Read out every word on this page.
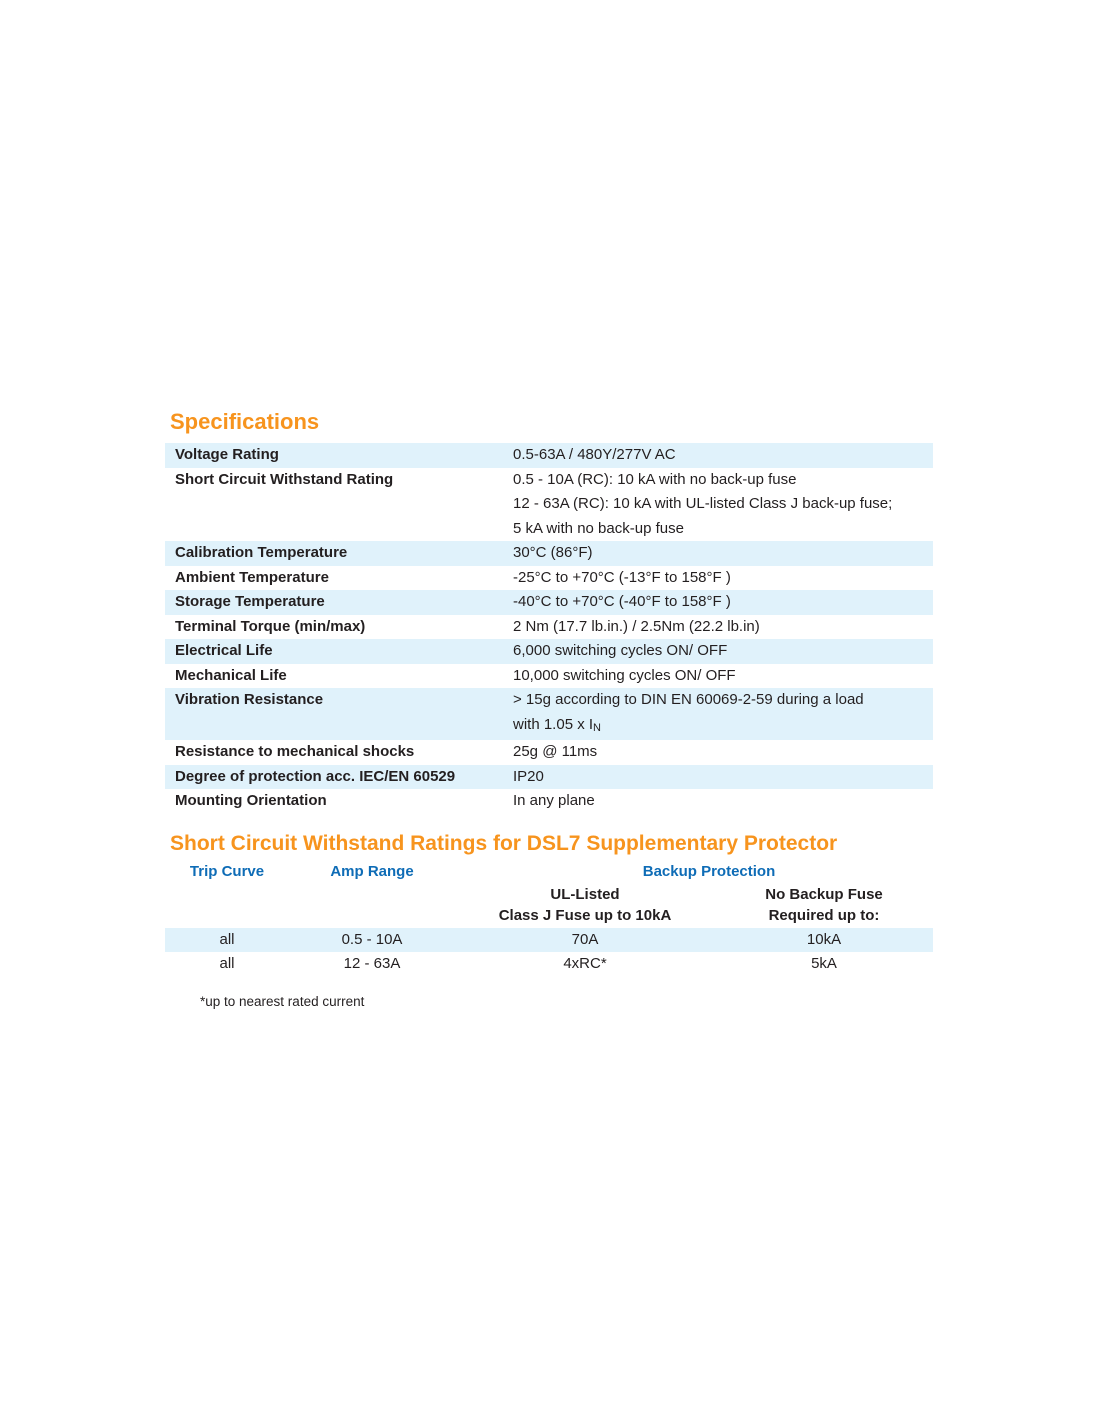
Specifications
Voltage Rating	0.5-63A / 480Y/277V AC
Short Circuit Withstand Rating	0.5 - 10A (RC): 10 kA with no back-up fuse
12 - 63A (RC): 10 kA with UL-listed Class J back-up fuse;
5 kA with no back-up fuse
Calibration Temperature	30°C (86°F)
Ambient Temperature	-25°C to +70°C (-13°F to 158°F )
Storage Temperature	-40°C to +70°C (-40°F to 158°F )
Terminal Torque (min/max)	2 Nm (17.7 lb.in.) / 2.5Nm (22.2 lb.in)
Electrical Life	6,000 switching cycles ON/ OFF
Mechanical Life	10,000 switching cycles ON/ OFF
Vibration Resistance	> 15g according to DIN EN 60069-2-59 during a load
with 1.05 x IN
Resistance to mechanical shocks	25g @ 11ms
Degree of protection acc. IEC/EN 60529	IP20
Mounting Orientation	In any plane
Short Circuit Withstand Ratings for DSL7 Supplementary Protector
Trip Curve	Amp Range	Backup Protection
UL-Listed
Class J Fuse up to 10kA
No Backup Fuse
Required up to:
all	0.5 - 10A	70A	10kA
all	12 - 63A	4xRC*	5kA
*up to nearest rated current
